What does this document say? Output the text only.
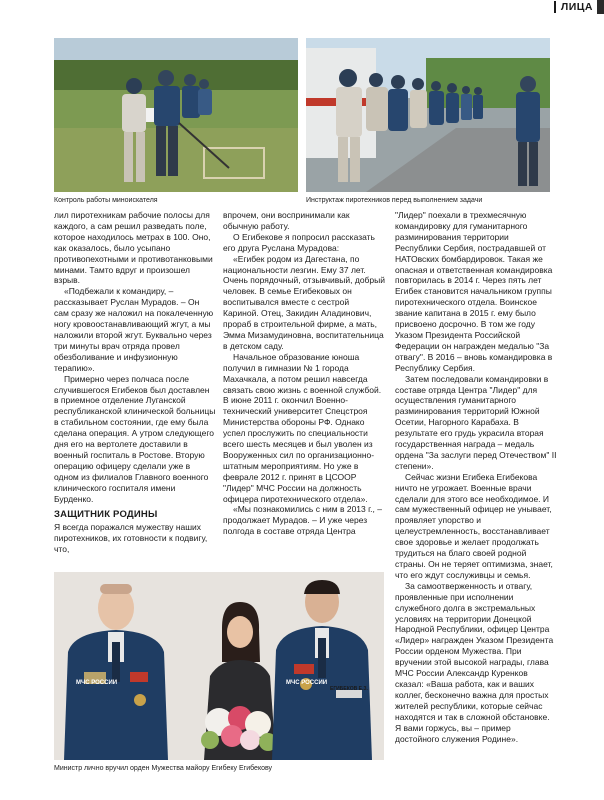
ЛИЦА
Контроль работы миноискателя	Инструктаж пиротехников перед выполнением задачи

лил пиротехникам рабочие полосы для каждого, а сам решил разведать поле, которое находилось метрах в 100. Оно, как оказалось, было усыпано противопехотными и противотанковыми минами. Тамто вдруг и произошел взрыв.

«Подбежали к командиру, – рассказывает Руслан Мурадов. – Он сам сразу же наложил на покалеченную ногу кровоостанавливающий жгут, а мы наложили второй жгут. Буквально через три минуты врач отряда провел обезболивание и инфузионную терапию».

Примерно через полчаса после случившегося Егибеков был доставлен в приемное отделение Луганской республиканской клинической больницы в стабильном состоянии, где ему была сделана операция. А утром следующего дня его на вертолете доставили в военный госпиталь в Ростове. Вторую операцию офицеру сделали уже в одном из филиалов Главного военного клинического госпиталя имени Бурденко.

ЗАЩИТНИК РОДИНЫ

Я всегда поражался мужеству наших пиротехников, их готовности к подвигу, что,

впрочем, они воспринимали как обычную работу.

О Егибекове я попросил рассказать его друга Руслана Мурадова:

«Егибек родом из Дагестана, по национальности лезгин. Ему 37 лет. Очень порядочный, отзывчивый, добрый человек. В семье Егибековых он воспитывался вместе с сестрой Кариной. Отец, Закидин Аладинович, прораб в строительной фирме, а мать, Эмма Мизамудиновна, воспитательница в детском саду.

Начальное образование юноша получил в гимназии № 1 города Махачкала, а потом решил навсегда связать свою жизнь с военной службой. В июне 2011 г. окончил Военно-технический университет Спецстроя Министерства обороны РФ. Однако успел прослужить по специальности всего шесть месяцев и был уволен из Вооруженных сил по организационно-штатным мероприятиям. Но уже в феврале 2012 г. принят в ЦСООР "Лидер" МЧС России на должность офицера пиротехнического отдела».

«Мы познакомились с ним в 2013 г., – продолжает Мурадов. – И уже через полгода в составе отряда Центра

"Лидер" поехали в трехмесячную командировку для гуманитарного разминирования территории Республики Сербия, пострадавшей от НАТОвских бомбардировок. Такая же опасная и ответственная командировка повторилась в 2014 г. Через пять лет Егибек становится начальником группы пиротехнического отдела. Воинское звание капитана в 2015 г. ему было присвоено досрочно. В том же году Указом Президента Российской Федерации он награжден медалью "За отвагу". В 2016 – вновь командировка в Республику Сербия.

Затем последовали командировки в составе отряда Центра "Лидер" для осуществления гуманитарного разминирования территорий Южной Осетии, Нагорного Карабаха. В результате его грудь украсила вторая государственная награда – медаль ордена "За заслуги перед Отечеством" II степени».

Сейчас жизни Егибека Егибекова ничто не угрожает. Военные врачи сделали для этого все необходимое. И сам мужественный офицер не унывает, проявляет упорство и целеустремленность, восстанавливает свое здоровье и желает продолжать трудиться на благо своей родной страны. Он не теряет оптимизма, знает, что его ждут сослуживцы и семья.

За самоотверженность и отвагу, проявленные при исполнении служебного долга в экстремальных условиях на территории Донецкой Народной Республики, офицер Центра «Лидер» награжден Указом Президента России орденом Мужества. При вручении этой высокой награды, глава МЧС России Александр Куренков сказал: «Ваша работа, как и ваших коллег, бесконечно важна для простых жителей республики, которые сейчас находятся и так в сложной обстановке. Я вами горжусь, вы – пример достойного служения Родине».

МЧС РОССИИ	МЧС РОССИИ
ЕГИБЕКОВ Е.З.
Министр лично вручил орден Мужества майору Егибеку Егибекову
